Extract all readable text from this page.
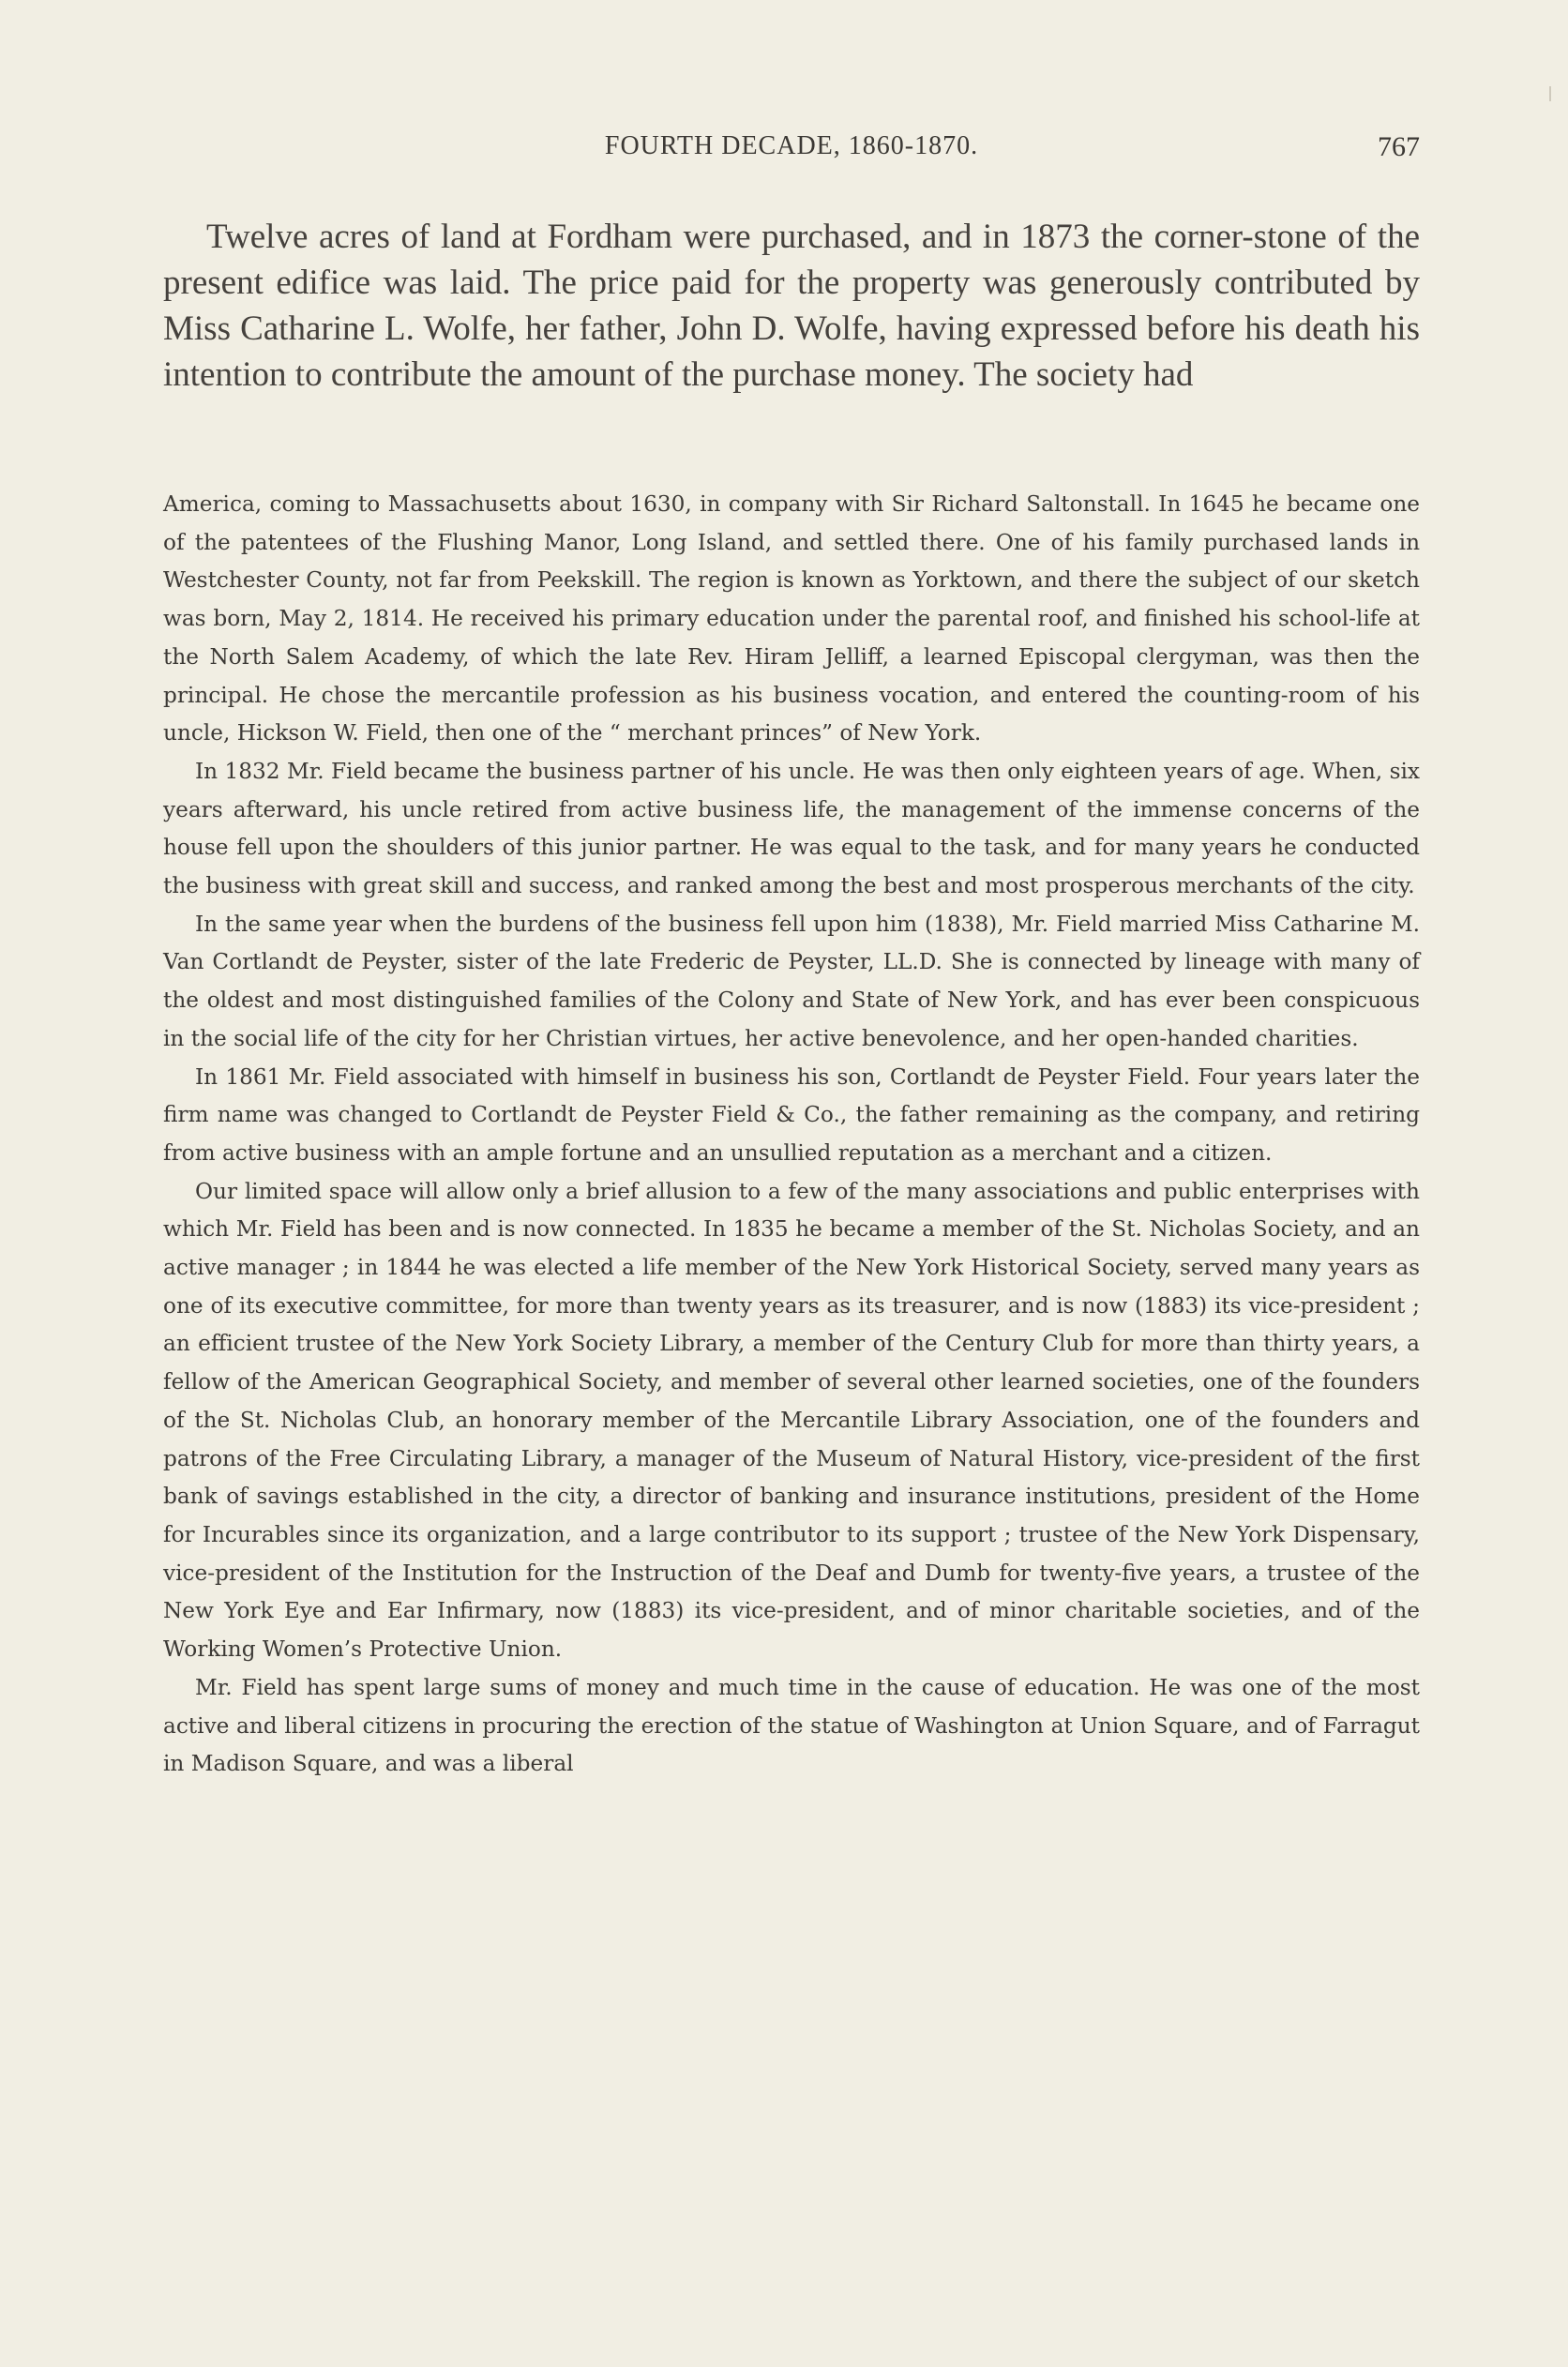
FOURTH DECADE, 1860-1870.	767

Twelve acres of land at Fordham were purchased, and in 1873 the corner-stone of the present edifice was laid. The price paid for the property was generously contributed by Miss Catharine L. Wolfe, her father, John D. Wolfe, having expressed before his death his intention to contribute the amount of the purchase money. The society had

America, coming to Massachusetts about 1630, in company with Sir Richard Saltonstall. In 1645 he became one of the patentees of the Flushing Manor, Long Island, and settled there. One of his family purchased lands in Westchester County, not far from Peekskill. The region is known as Yorktown, and there the subject of our sketch was born, May 2, 1814. He received his primary education under the parental roof, and finished his school-life at the North Salem Academy, of which the late Rev. Hiram Jelliff, a learned Episcopal clergyman, was then the principal. He chose the mercantile profession as his business vocation, and entered the counting-room of his uncle, Hickson W. Field, then one of the “ merchant princes” of New York.

In 1832 Mr. Field became the business partner of his uncle. He was then only eighteen years of age. When, six years afterward, his uncle retired from active business life, the management of the immense concerns of the house fell upon the shoulders of this junior partner. He was equal to the task, and for many years he conducted the business with great skill and success, and ranked among the best and most prosperous merchants of the city.

In the same year when the burdens of the business fell upon him (1838), Mr. Field married Miss Catharine M. Van Cortlandt de Peyster, sister of the late Frederic de Peyster, LL.D. She is connected by lineage with many of the oldest and most distinguished families of the Colony and State of New York, and has ever been conspicuous in the social life of the city for her Christian virtues, her active benevolence, and her open-handed charities.

In 1861 Mr. Field associated with himself in business his son, Cortlandt de Peyster Field. Four years later the firm name was changed to Cortlandt de Peyster Field & Co., the father remaining as the company, and retiring from active business with an ample fortune and an unsullied reputation as a merchant and a citizen.

Our limited space will allow only a brief allusion to a few of the many associations and public enterprises with which Mr. Field has been and is now connected. In 1835 he became a member of the St. Nicholas Society, and an active manager ; in 1844 he was elected a life member of the New York Historical Society, served many years as one of its executive committee, for more than twenty years as its treasurer, and is now (1883) its vice-president ; an efficient trustee of the New York Society Library, a member of the Century Club for more than thirty years, a fellow of the American Geographical Society, and member of several other learned societies, one of the founders of the St. Nicholas Club, an honorary member of the Mercantile Library Association, one of the founders and patrons of the Free Circulating Library, a manager of the Museum of Natural History, vice-president of the first bank of savings established in the city, a director of banking and insurance institutions, president of the Home for Incurables since its organization, and a large contributor to its support ; trustee of the New York Dispensary, vice-president of the Institution for the Instruction of the Deaf and Dumb for twenty-five years, a trustee of the New York Eye and Ear Infirmary, now (1883) its vice-president, and of minor charitable societies, and of the Working Women’s Protective Union.

Mr. Field has spent large sums of money and much time in the cause of education. He was one of the most active and liberal citizens in procuring the erection of the statue of Washington at Union Square, and of Farragut in Madison Square, and was a liberal
